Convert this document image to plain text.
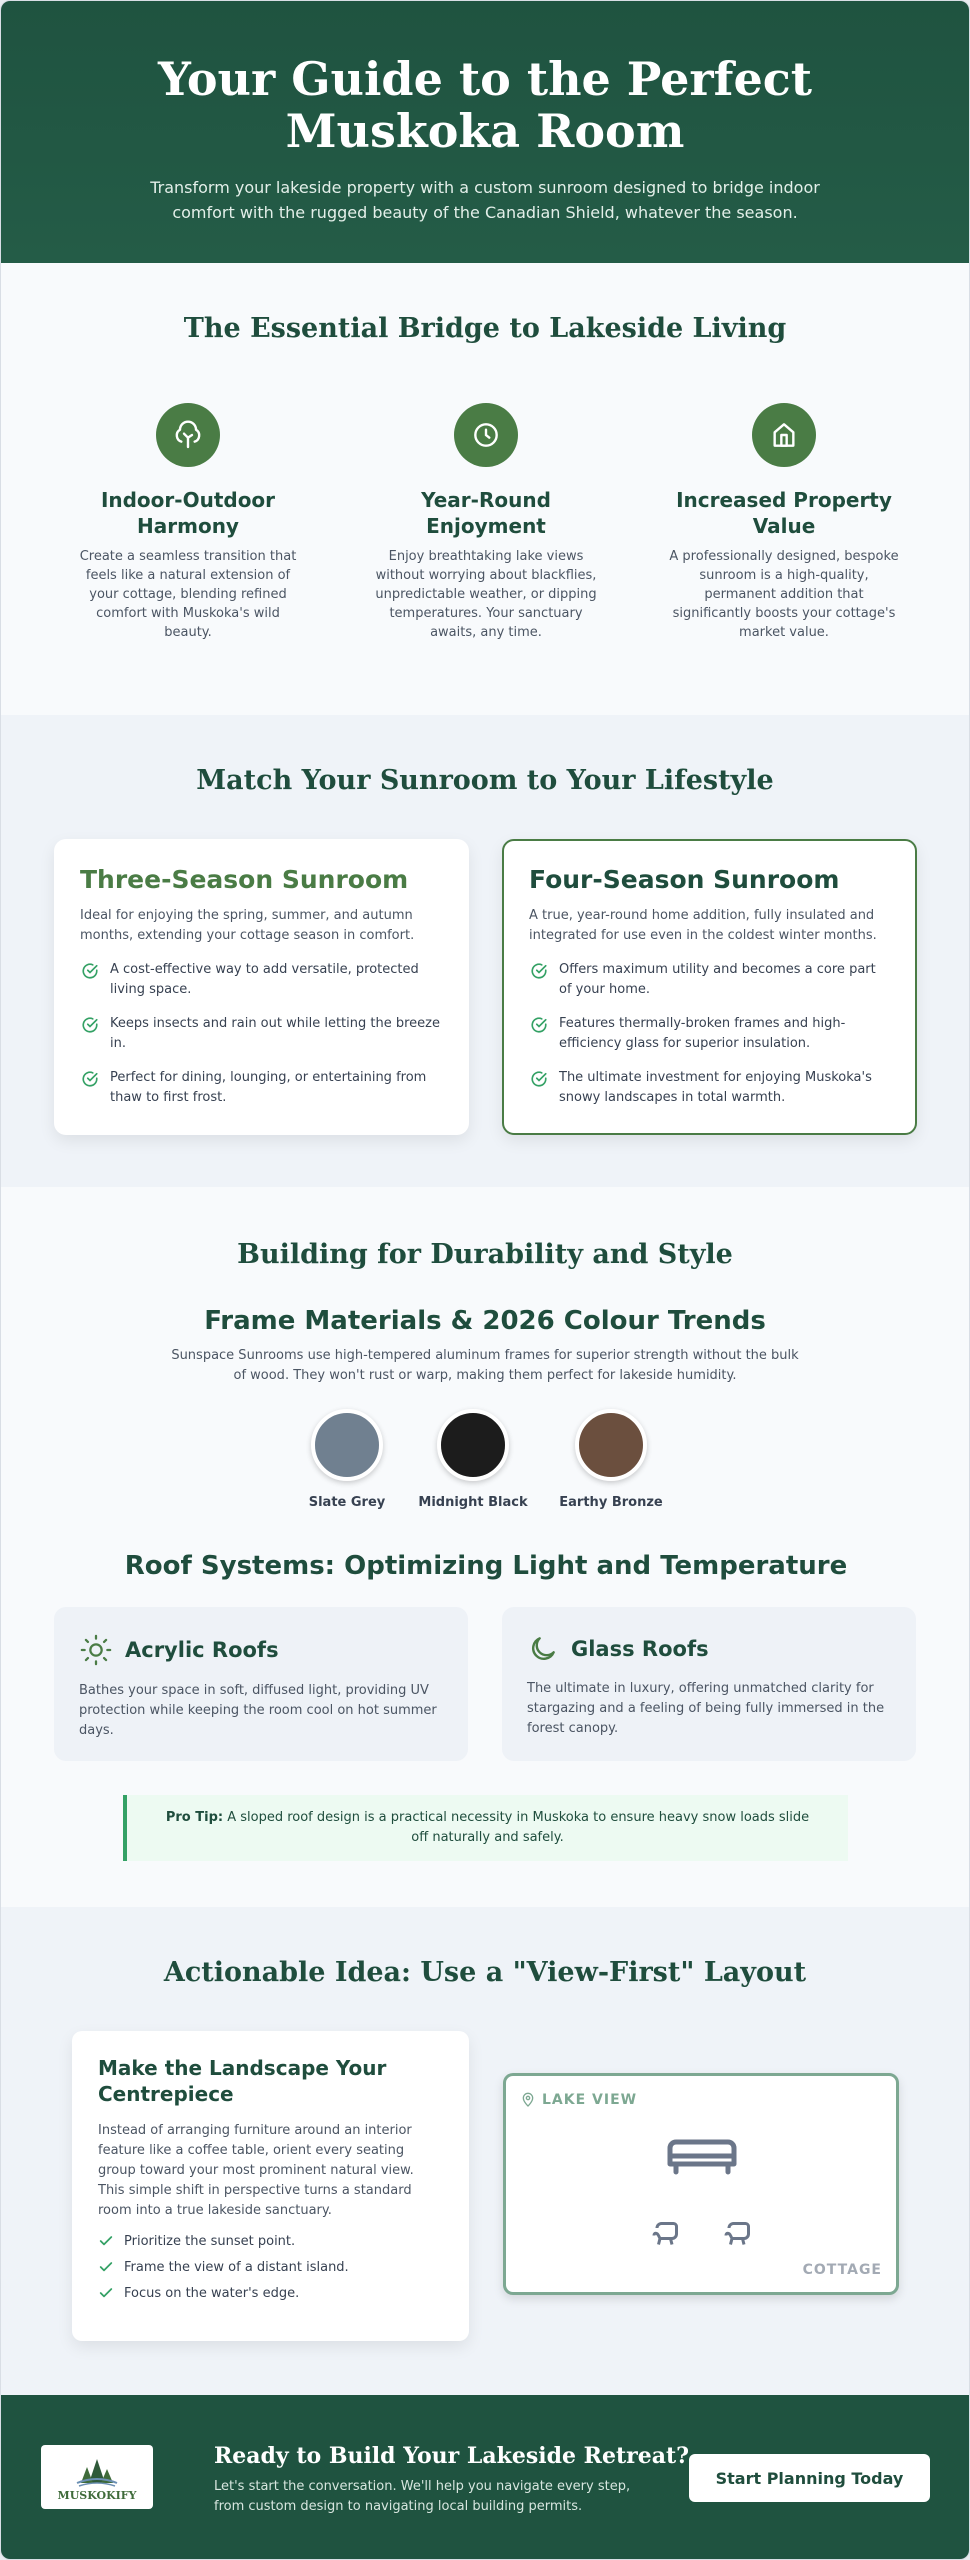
Your Guide to the Perfect Muskoka Room

Transform your lakeside property with a custom sunroom designed to bridge indoor comfort with the rugged beauty of the Canadian Shield, whatever the season.

The Essential Bridge to Lakeside Living
Indoor-Outdoor Harmony

Create a seamless transition that feels like a natural extension of your cottage, blending refined comfort with Muskoka's wild beauty.

Year-Round Enjoyment

Enjoy breathtaking lake views without worrying about blackflies, unpredictable weather, or dipping temperatures. Your sanctuary awaits, any time.

Increased Property Value

A professionally designed, bespoke sunroom is a high-quality, permanent addition that significantly boosts your cottage's market value.

Match Your Sunroom to Your Lifestyle
Three-Season Sunroom

Ideal for enjoying the spring, summer, and autumn months, extending your cottage season in comfort.

A cost-effective way to add versatile, protected living space.
Keeps insects and rain out while letting the breeze in.
Perfect for dining, lounging, or entertaining from thaw to first frost.
Four-Season Sunroom

A true, year-round home addition, fully insulated and integrated for use even in the coldest winter months.

Offers maximum utility and becomes a core part of your home.
Features thermally-broken frames and high-efficiency glass for superior insulation.
The ultimate investment for enjoying Muskoka's snowy landscapes in total warmth.
Building for Durability and Style
Frame Materials & 2026 Colour Trends

Sunspace Sunrooms use high-tempered aluminum frames for superior strength without the bulk of wood. They won't rust or warp, making them perfect for lakeside humidity.

Slate Grey	Midnight Black Earthy Bronze
Roof Systems: Optimizing Light and Temperature
Acrylic Roofs

Bathes your space in soft, diffused light, providing UV protection while keeping the room cool on hot summer days.

Glass Roofs

The ultimate in luxury, offering unmatched clarity for stargazing and a feeling of being fully immersed in the forest canopy.

Pro Tip: A sloped roof design is a practical necessity in Muskoka to ensure heavy snow loads slide off naturally and safely.
Actionable Idea: Use a "View-First" Layout
Make the Landscape Your Centrepiece

Instead of arranging furniture around an interior feature like a coffee table, orient every seating group toward your most prominent natural view. This simple shift in perspective turns a standard room into a true lakeside sanctuary.

Prioritize the sunset point.
Frame the view of a distant island.
Focus on the water's edge.
LAKE VIEW
COTTAGE
MUSKOKIFY
Ready to Build Your Lakeside Retreat?

Let's start the conversation. We'll help you navigate every step, from custom design to navigating local building permits.

Start Planning Today
